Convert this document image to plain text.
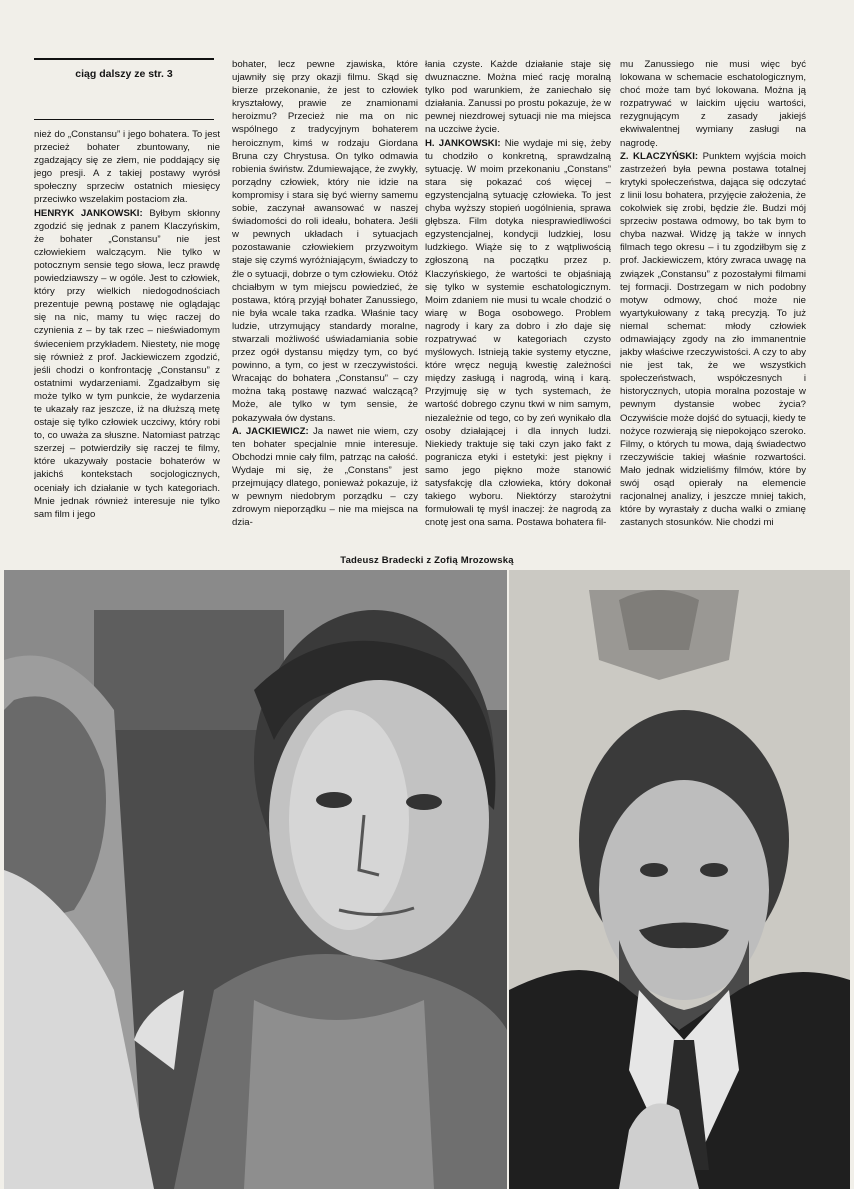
ciąg dalszy ze str. 3

nież do „Constansu” i jego bohatera. To jest przecież bohater zbuntowany, nie zgadzający się ze złem, nie poddający się jego presji. A z takiej postawy wyrósł społeczny sprzeciw ostatnich miesięcy przeciwko wszelakim postaciom zła.

HENRYK JANKOWSKI: Byłbym skłonny zgodzić się jednak z panem Klaczyńskim, że bohater „Constansu” nie jest człowiekiem walczącym. Nie tylko w potocznym sensie tego słowa, lecz prawdę powiedziawszy – w ogóle. Jest to człowiek, który przy wielkich niedogodnościach prezentuje pewną postawę nie oglądając się na nic, mamy tu więc raczej do czynienia z – by tak rzec – nieświadomym świeceniem przykładem. Niestety, nie mogę się również z prof. Jackiewiczem zgodzić, jeśli chodzi o konfrontację „Constansu” z ostatnimi wydarzeniami. Zgadzałbym się może tylko w tym punkcie, że wydarzenia te ukazały raz jeszcze, iż na dłuższą metę ostaje się tylko człowiek uczciwy, który robi to, co uważa za słuszne. Natomiast patrząc szerzej – potwierdziły się raczej te filmy, które ukazywały postacie bohaterów w jakichś kontekstach socjologicznych, oceniały ich działanie w tych kategoriach. Mnie jednak również interesuje nie tylko sam film i jego

bohater, lecz pewne zjawiska, które ujawniły się przy okazji filmu. Skąd się bierze przekonanie, że jest to człowiek kryształowy, prawie ze znamionami heroizmu? Przecież nie ma on nic wspólnego z tradycyjnym bohaterem heroicznym, kimś w rodzaju Giordana Bruna czy Chrystusa. On tylko odmawia robienia świństw. Zdumiewające, że zwykły, porządny człowiek, który nie idzie na kompromisy i stara się być wierny samemu sobie, zaczynał awansować w naszej świadomości do roli ideału, bohatera. Jeśli w pewnych układach i sytuacjach pozostawanie człowiekiem przyzwoitym staje się czymś wyróżniającym, świadczy to źle o sytuacji, dobrze o tym człowieku. Otóż chciałbym w tym miejscu powiedzieć, że postawa, którą przyjął bohater Zanussiego, nie była wcale taka rzadka. Właśnie tacy ludzie, utrzymujący standardy moralne, stwarzali możliwość uświadamiania sobie przez ogół dystansu między tym, co być powinno, a tym, co jest w rzeczywistości. Wracając do bohatera „Constansu” – czy można taką postawę nazwać walczącą? Może, ale tylko w tym sensie, że pokazywała ów dystans.

A. JACKIEWICZ: Ja nawet nie wiem, czy ten bohater specjalnie mnie interesuje. Obchodzi mnie cały film, patrząc na całość. Wydaje mi się, że „Constans” jest przejmujący dlatego, ponieważ pokazuje, iż w pewnym niedobrym porządku – czy zdrowym nieporządku – nie ma miejsca na dzia-

łania czyste. Każde działanie staje się dwuznaczne. Można mieć rację moralną tylko pod warunkiem, że zaniechało się działania. Zanussi po prostu pokazuje, że w pewnej niezdrowej sytuacji nie ma miejsca na uczciwe życie.

H. JANKOWSKI: Nie wydaje mi się, żeby tu chodziło o konkretną, sprawdzalną sytuację. W moim przekonaniu „Constans” stara się pokazać coś więcej – egzystencjalną sytuację człowieka. To jest chyba wyższy stopień uogólnienia, sprawa głębsza. Film dotyka niesprawiedliwości egzystencjalnej, kondycji ludzkiej, losu ludzkiego. Wiąże się to z wątpliwością zgłoszoną na początku przez p. Klaczyńskiego, że wartości te objaśniają się tylko w systemie eschatologicznym. Moim zdaniem nie musi tu wcale chodzić o wiarę w Boga osobowego. Problem nagrody i kary za dobro i zło daje się rozpatrywać w kategoriach czysto myślowych. Istnieją takie systemy etyczne, które wręcz negują kwestię zależności między zasługą i nagrodą, winą i karą. Przyjmuję się w tych systemach, że wartość dobrego czynu tkwi w nim samym, niezależnie od tego, co by zeń wynikało dla osoby działającej i dla innych ludzi. Niekiedy traktuje się taki czyn jako fakt z pogranicza etyki i estetyki: jest piękny i samo jego piękno może stanowić satysfakcję dla człowieka, który dokonał takiego wyboru. Niektórzy starożytni formułowali tę myśl inaczej: że nagrodą za cnotę jest ona sama. Postawa bohatera fil-

mu Zanussiego nie musi więc być lokowana w schemacie eschatologicznym, choć może tam być lokowana. Można ją rozpatrywać w laickim ujęciu wartości, rezygnującym z zasady jakiejś ekwiwalentnej wymiany zasługi na nagrodę.

Z. KLACZYŃSKI: Punktem wyjścia moich zastrzeżeń była pewna postawa totalnej krytyki społeczeństwa, dająca się odczytać z linii losu bohatera, przyjęcie założenia, że cokolwiek się zrobi, będzie źle. Budzi mój sprzeciw postawa odmowy, bo tak bym to chyba nazwał. Widzę ją także w innych filmach tego okresu – i tu zgodziłbym się z prof. Jackiewiczem, który zwraca uwagę na związek „Constansu” z pozostałymi filmami tej formacji. Dostrzegam w nich podobny motyw odmowy, choć może nie wyartykułowany z taką precyzją. To już niemal schemat: młody człowiek odmawiający zgody na zło immanentnie jakby właściwe rzeczywistości. A czy to aby nie jest tak, że we wszystkich społeczeństwach, współczesnych i historycznych, utopia moralna pozostaje w pewnym dystansie wobec życia? Oczywiście może dojść do sytuacji, kiedy te nożyce rozwierają się niepokojąco szeroko. Filmy, o których tu mowa, dają świadectwo rzeczywiście takiej właśnie rozwartości. Mało jednak widzieliśmy filmów, które by swój osąd opierały na elemencie racjonalnej analizy, i jeszcze mniej takich, które by wyrastały z ducha walki o zmianę zastanych stosunków. Nie chodzi mi

Tadeusz Bradecki z Zofią Mrozowską
